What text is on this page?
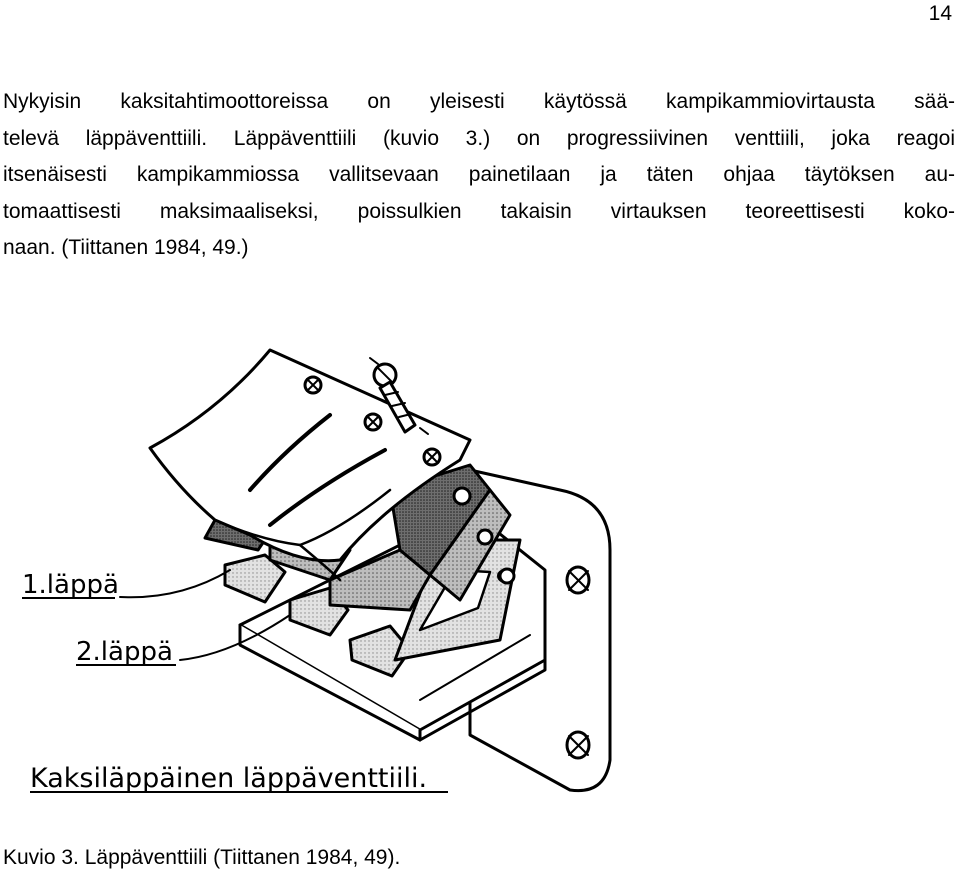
14

Nykyisin kaksitahtimoottoreissa on yleisesti käytössä kampikammiovirtausta sää-
televä läppäventtiili. Läppäventtiili (kuvio 3.) on progressiivinen venttiili, joka reagoi
itsenäisesti kampikammiossa vallitsevaan painetilaan ja täten ohjaa täytöksen au-
tomaattisesti maksimaaliseksi, poissulkien takaisin virtauksen teoreettisesti koko-
naan. (Tiittanen 1984, 49.)

1.läppä
2.läppä
Kaksiläppäinen läppäventtiili.

Kuvio 3. Läppäventtiili (Tiittanen 1984, 49).
